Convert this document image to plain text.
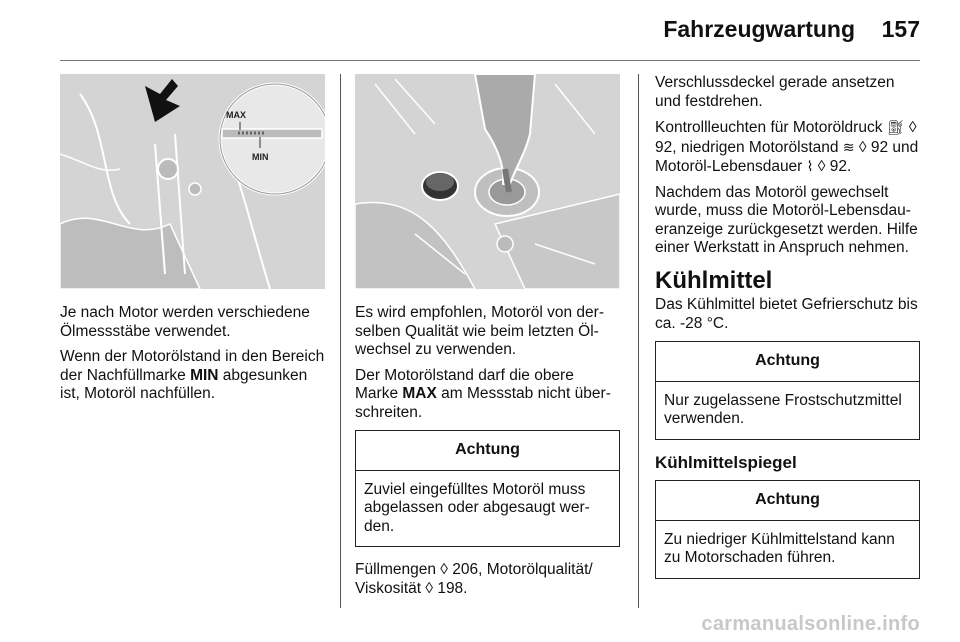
Fahrzeugwartung 157
MAX
MIN

Je nach Motor werden verschiedene Ölmessstäbe verwendet.

Wenn der Motorölstand in den Bereich der Nachfüllmarke MIN abgesunken ist, Motoröl nachfüllen.

Es wird empfohlen, Motoröl von derselben Qualität wie beim letzten Ölwechsel zu verwenden.

Der Motorölstand darf die obere Marke MAX am Messstab nicht überschreiten.

Achtung
Zuviel eingefülltes Motoröl muss abgelassen oder abgesaugt werden.

Füllmengen ◊ 206, Motorölqualität/ Viskosität ◊ 198.

Verschlussdeckel gerade ansetzen und festdrehen.

Kontrollleuchten für Motoröldruck ⛽︎ ◊ 92, niedrigen Motorölstand ≋ ◊ 92 und Motoröl-Lebensdauer ⌇ ◊ 92.

Nachdem das Motoröl gewechselt wurde, muss die Motoröl-Lebensdaueranzeige zurückgesetzt werden. Hilfe einer Werkstatt in Anspruch nehmen.

Kühlmittel

Das Kühlmittel bietet Gefrierschutz bis ca. -28 °C.

Achtung
Nur zugelassene Frostschutzmittel verwenden.
Kühlmittelspiegel
Achtung
Zu niedriger Kühlmittelstand kann zu Motorschaden führen.
carmanualsonline.info
